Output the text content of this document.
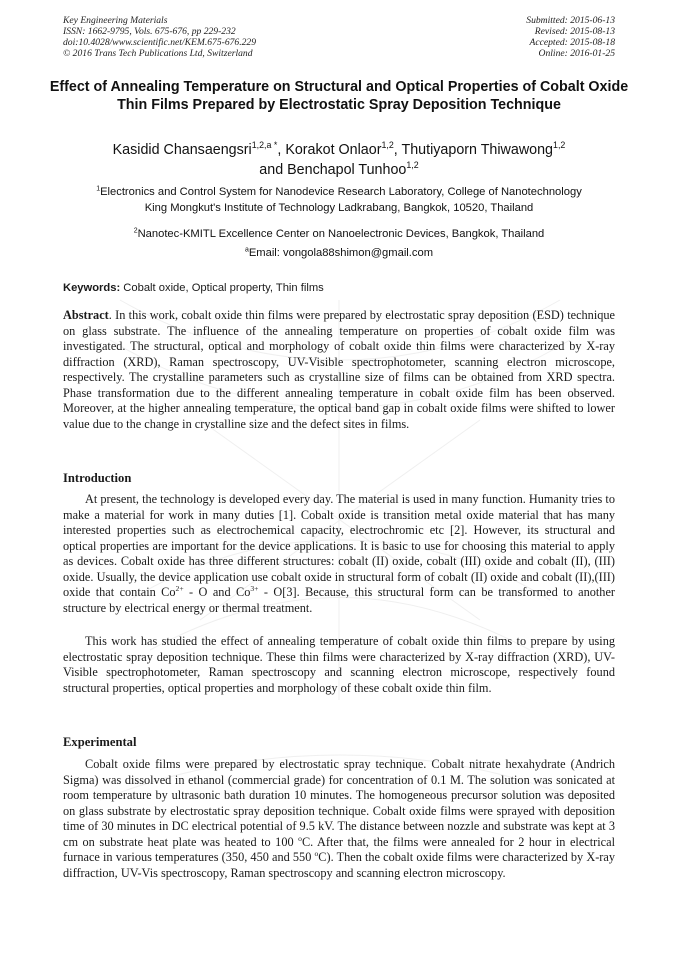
Key Engineering Materials
ISSN: 1662-9795, Vols. 675-676, pp 229-232
doi:10.4028/www.scientific.net/KEM.675-676.229
© 2016 Trans Tech Publications Ltd, Switzerland
Submitted: 2015-06-13
Revised: 2015-08-13
Accepted: 2015-08-18
Online: 2016-01-25
Effect of Annealing Temperature on Structural and Optical Properties of Cobalt Oxide Thin Films Prepared by Electrostatic Spray Deposition Technique
Kasidid Chansaengsri$^{1,2,a *}$, Korakot Onlaor$^{1,2}$, Thutiyaporn Thiwawong$^{1,2}$
and Benchapol Tunhoo$^{1,2}$
$^1$Electronics and Control System for Nanodevice Research Laboratory, College of Nanotechnology
King Mongkut's Institute of Technology Ladkrabang, Bangkok, 10520, Thailand
$^2$Nanotec-KMITL Excellence Center on Nanoelectronic Devices, Bangkok, Thailand
$^a$Email: vongola88shimon@gmail.com
Keywords: Cobalt oxide, Optical property, Thin films

Abstract. In this work, cobalt oxide thin films were prepared by electrostatic spray deposition (ESD) technique on glass substrate. The influence of the annealing temperature on properties of cobalt oxide film was investigated. The structural, optical and morphology of cobalt oxide thin films were characterized by X-ray diffraction (XRD), Raman spectroscopy, UV-Visible spectrophotometer, scanning electron microscope, respectively. The crystalline parameters such as crystalline size of films can be obtained from XRD spectra. Phase transformation due to the different annealing temperature in cobalt oxide film has been observed. Moreover, at the higher annealing temperature, the optical band gap in cobalt oxide films were shifted to lower value due to the change in crystalline size and the defect sites in films.

Introduction

At present, the technology is developed every day. The material is used in many function. Humanity tries to make a material for work in many duties [1]. Cobalt oxide is transition metal oxide material that has many interested properties such as electrochemical capacity, electrochromic etc [2]. However, its structural and optical properties are important for the device applications. It is basic to use for choosing this material to apply as devices. Cobalt oxide has three different structures: cobalt (II) oxide, cobalt (III) oxide and cobalt (II), (III) oxide. Usually, the device application use cobalt oxide in structural form of cobalt (II) oxide and cobalt (II),(III) oxide that contain $Co^{2+}$ - O and $Co^{3+} - O[3]$. Because, this structural form can be transformed to another structure by electrical energy or thermal treatment.

This work has studied the effect of annealing temperature of cobalt oxide thin films to prepare by using electrostatic spray deposition technique. These thin films were characterized by X-ray diffraction (XRD), UV-Visible spectrophotometer, Raman spectroscopy and scanning electron microscope, respectively found structural properties, optical properties and morphology of these cobalt oxide thin film.

Experimental

Cobalt oxide films were prepared by electrostatic spray technique. Cobalt nitrate hexahydrate (Andrich Sigma) was dissolved in ethanol (commercial grade) for concentration of 0.1 M. The solution was sonicated at room temperature by ultrasonic bath duration 10 minutes. The homogeneous precursor solution was deposited on glass substrate by electrostatic spray deposition technique. Cobalt oxide films were sprayed with deposition time of 30 minutes in DC electrical potential of 9.5 kV. The distance between nozzle and substrate was kept at 3 cm on substrate heat plate was heated to 100 $^o$C. After that, the films were annealed for 2 hour in electrical furnace in various temperatures (350, 450 and 550 $^o$C). Then the cobalt oxide films were characterized by X-ray diffraction, UV-Vis spectroscopy, Raman spectroscopy and scanning electron microscopy.
